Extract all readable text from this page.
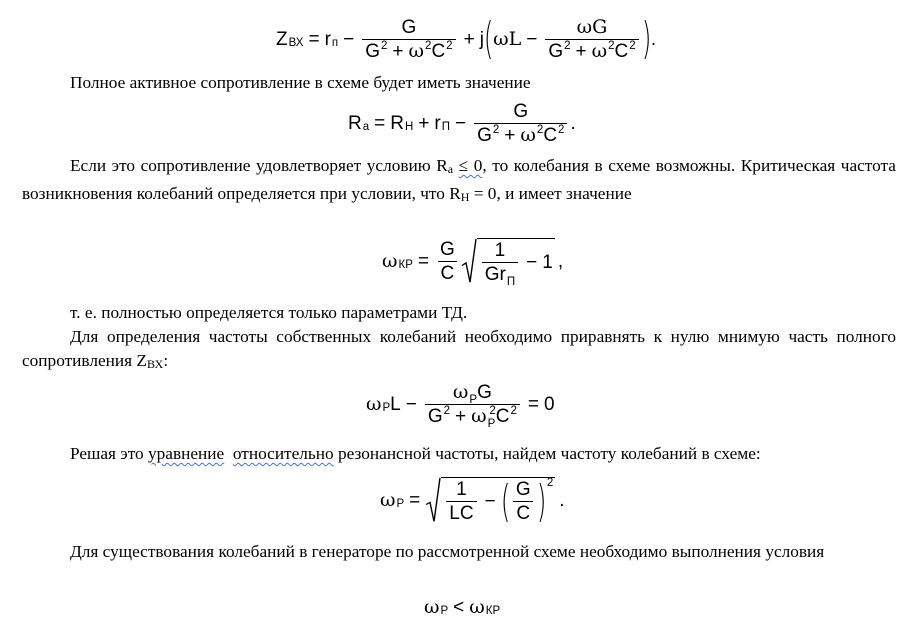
Z ВХ = r $п - \frac{G}{G^2 + \omega^2C^2} + j$ ( $\omega L - \frac{\omega G}{G^2 + \omega^2C^2}$ ) .
Полное активное сопротивление в схеме будет иметь значение
R a = R Н + r $П - \frac{G}{G^2 + \omega^2C^2}$ .
Если это сопротивление удовлетворяет условию Ra ≤ 0, то колебания в схеме возможны. Критическая частота возникновения колебаний определяется при условии, что RН = 0, и имеет значение
ω КР = $\frac{G}{C} \frac{1}{Gr_П} - 1$ ,
т. е. полностью определяется только параметрами ТД.
Для определения частоты собственных колебаний необходимо приравнять к нулю мнимую часть полного сопротивления ZВХ:
ω Р $L - \frac{\omega_РG}{G^2 + \omega_Р^2C^2} = 0$
Решая это уравнение относительно резонансной частоты, найдем частоту колебаний в схеме:
ω $Р = \frac{1}{LC}$ − ( $\frac{G}{C}$ ) 2
.
Для существования колебаний в генераторе по рассмотренной схеме необходимо выполнения условия
ω Р < ω КР
